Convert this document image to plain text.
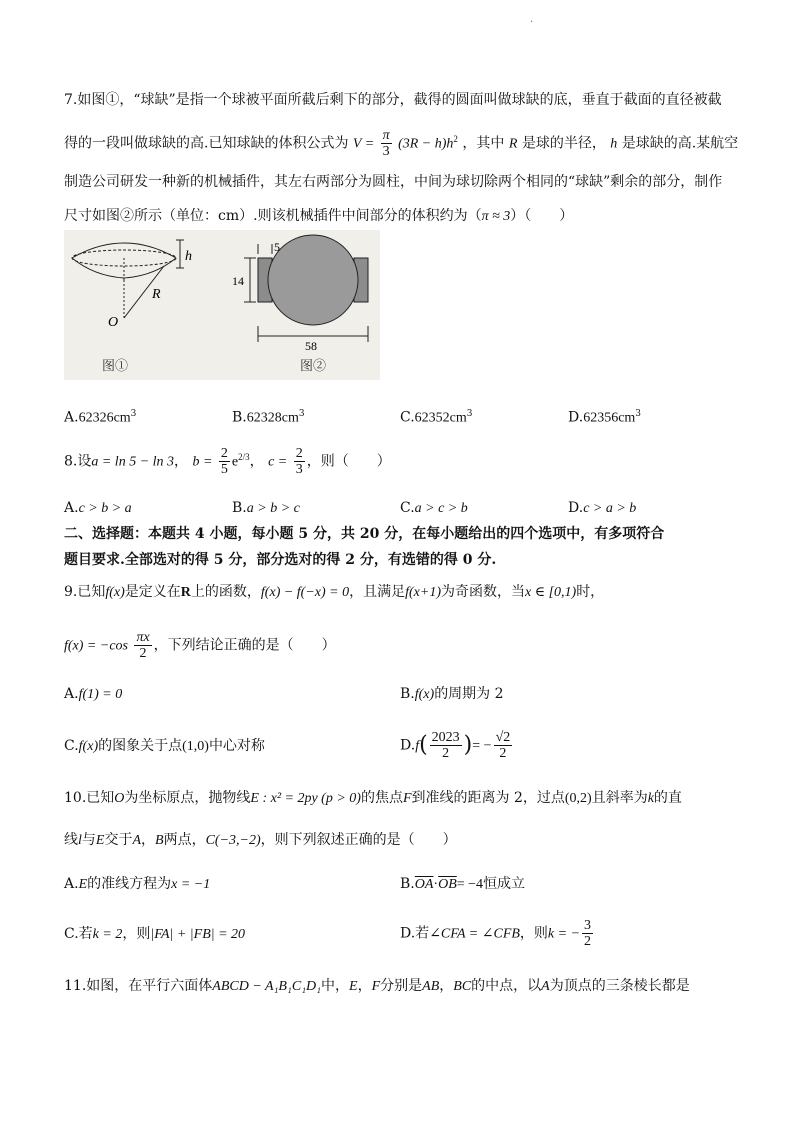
.
7.如图①，“球缺”是指一个球被平面所截后剩下的部分，截得的圆面叫做球缺的底，垂直于截面的直径被截
得的一段叫做球缺的高.已知球缺的体积公式为 $V = \frac{\pi}{3} (3R - h)h^2$ ，其中 R 是球的半径， h 是球缺的高.某航空
制造公司研发一种新的机械插件，其左右两部分为圆柱，中间为球切除两个相同的“球缺”剩余的部分，制作
尺寸如图②所示（单位：cm）.则该机械插件中间部分的体积约为（π ≈ 3）（　　）
h
R
O
图①
5
14
58
图②
$A.62326cm^3$	$B.62328cm^3$	$C.62352cm^3$	$D.62356cm^3$
8.设a = ln 5 − ln 3， $b = \frac{2}{5} e^{2/3}$， $c = \frac{2}{3}$ ，则（　　）
A.c > b > a	B.a > b > c	C.a > c > b	D.c > a > b
二、选择题：本题共 4 小题，每小题 5 分，共 20 分，在每小题给出的四个选项中，有多项符合
题目要求.全部选对的得 5 分，部分选对的得 2 分，有选错的得 0 分.
9.已知f(x)是定义在R上的函数，f(x) − f(−x) = 0，且满足f(x+1)为奇函数，当x ∈ [0,1)时，
$f(x) = -\cos \frac{\pi x}{2}$ ，下列结论正确的是（　　）
A.f(1) = 0	B.f(x)的周期为 2
C.f(x)的图象关于点(1,0)中心对称	$D.f( \frac{2023}{2}$ )= − $\frac{√2}{2}$
10.已知O为坐标原点，抛物线E : x² = 2py (p > 0)的焦点F到准线的距离为 2，过点(0,2)且斜率为k的直
线l与E交于A，B两点，C(−3,−2)，则下列叙述正确的是（　　）
A.E的准线方程为x = −1	$B.\overline{OA}\cdot\overline{OB}= -4$恒成立
C.若k = 2，则|FA| + |FB| = 20	D.若∠CFA = ∠CFB，则k = − $\frac{3}{2}$
11.如图，在平行六面体ABCD − A₁B₁C₁D₁中，E，F分别是AB，BC的中点，以A为顶点的三条棱长都是
